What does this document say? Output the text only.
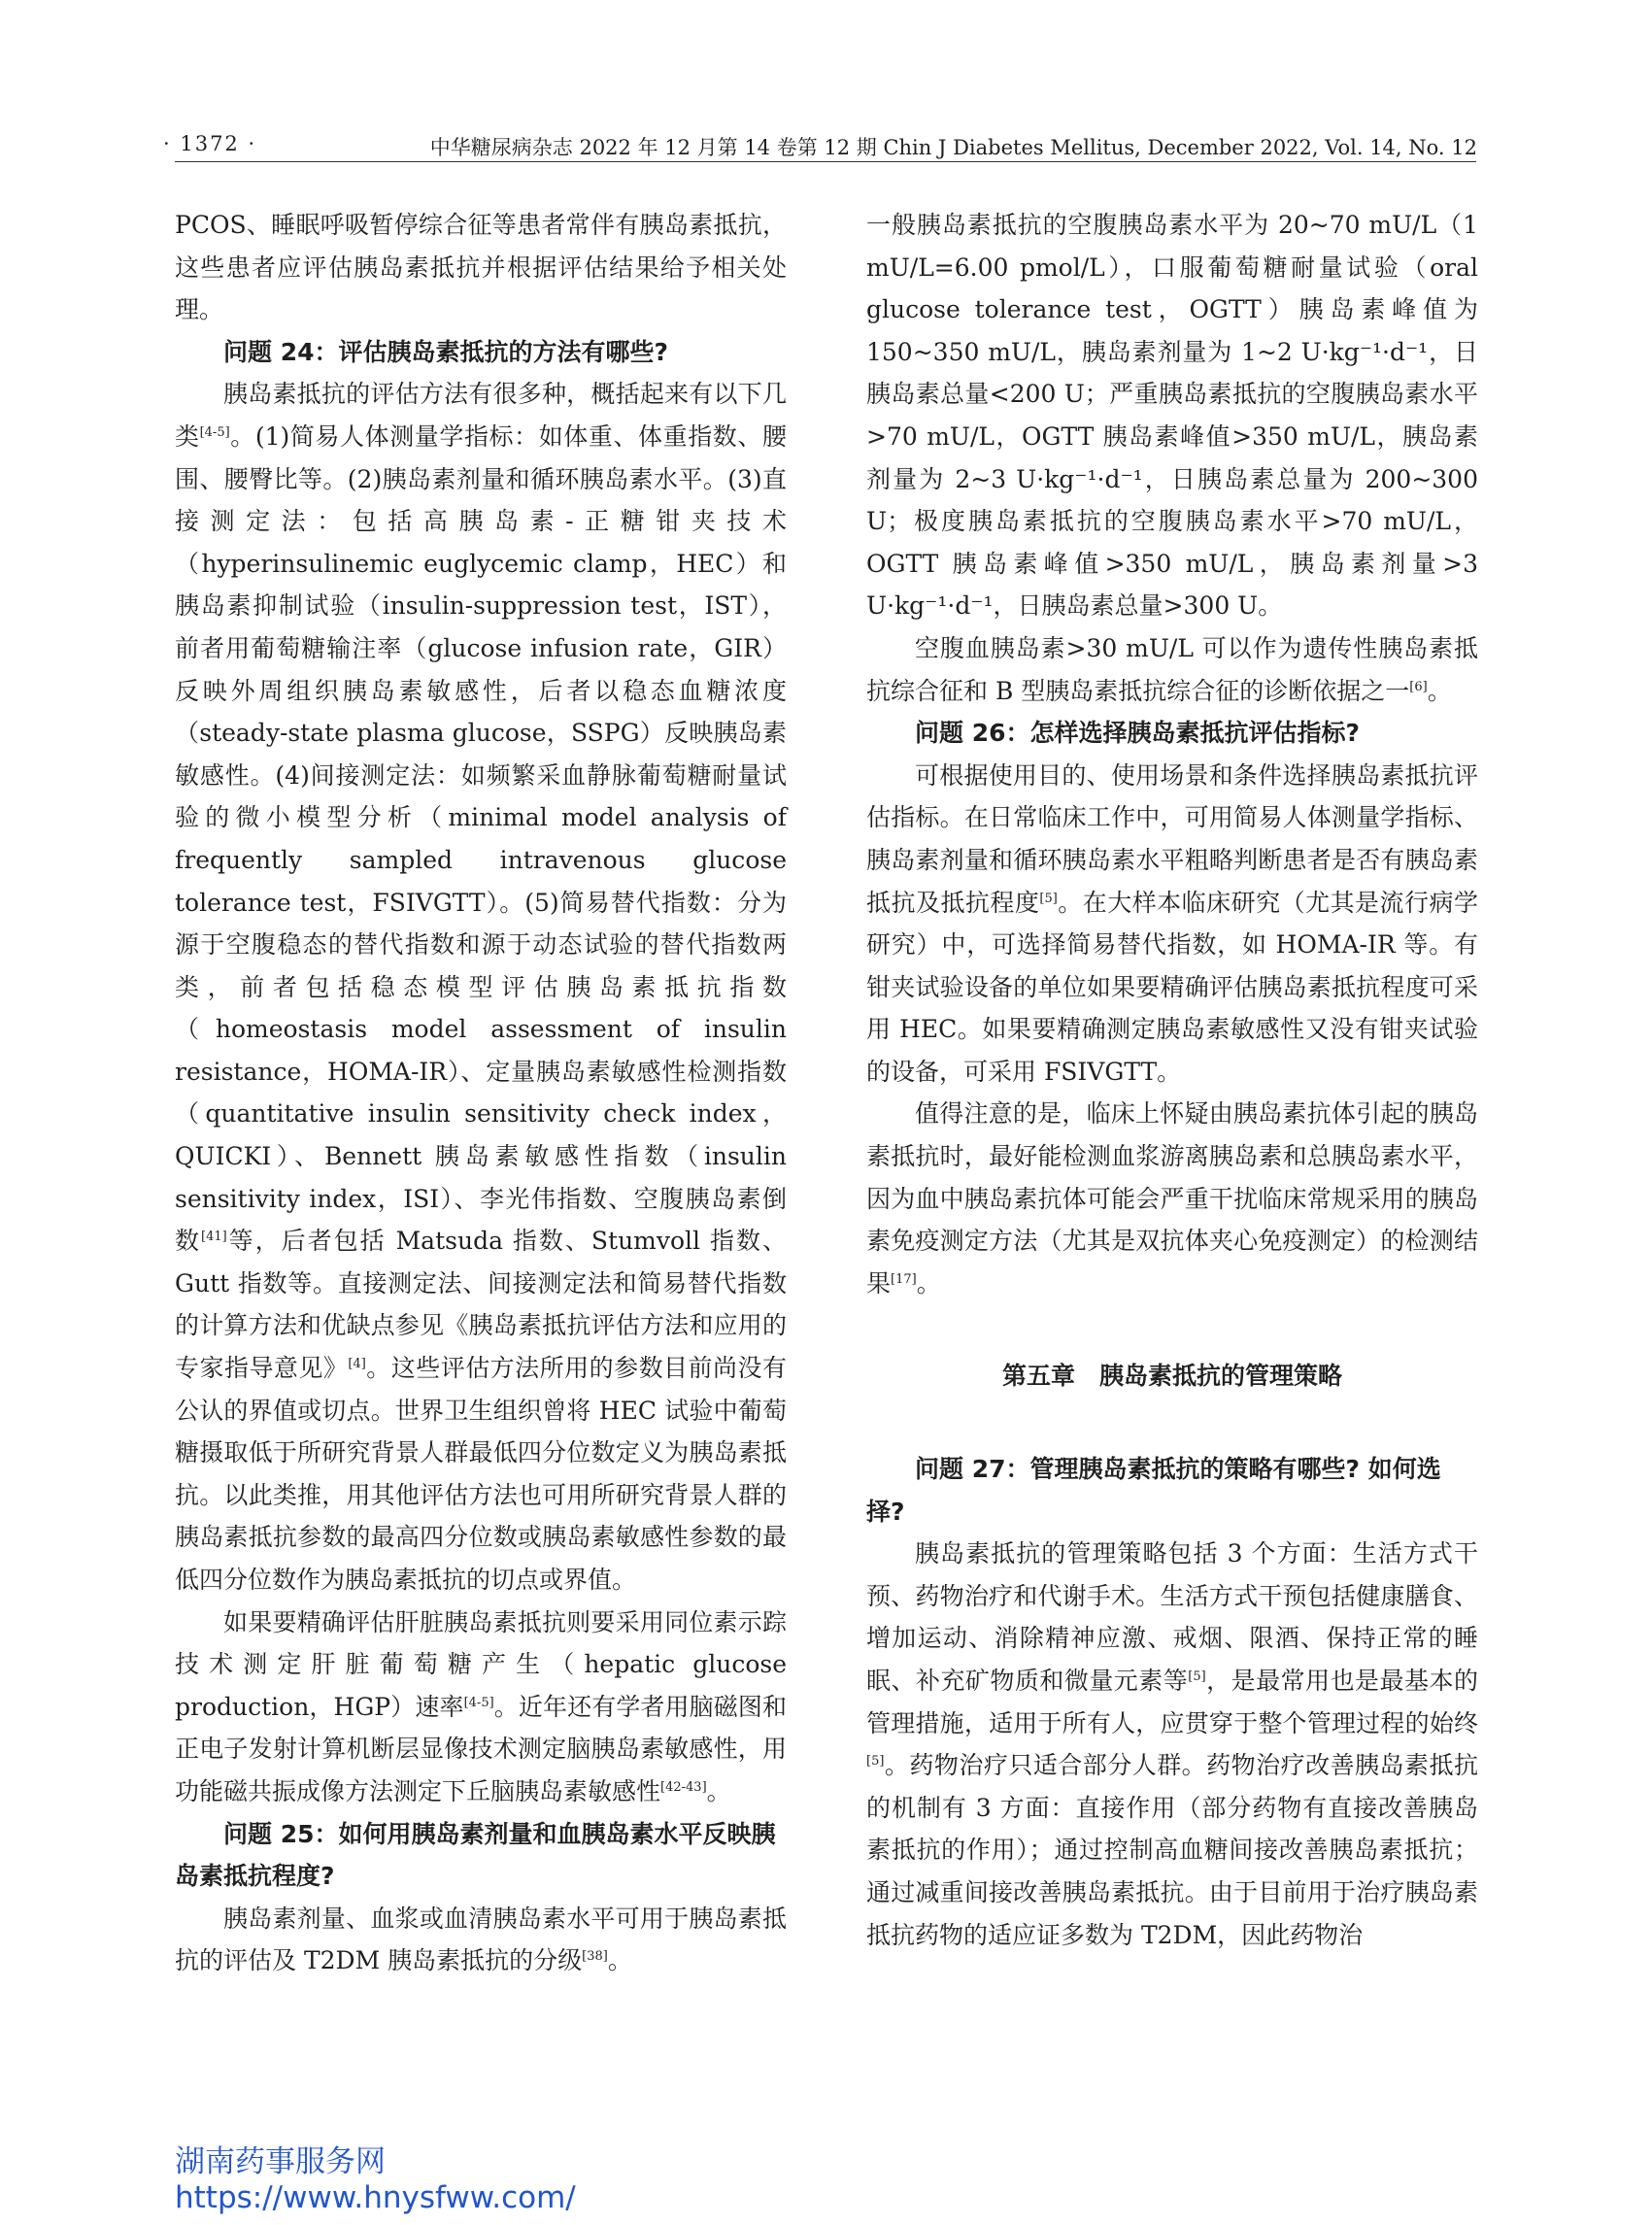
· 1372 ·	中华糖尿病杂志 2022 年 12 月第 14 卷第 12 期 Chin J Diabetes Mellitus, December 2022, Vol. 14, No. 12

PCOS、睡眠呼吸暂停综合征等患者常伴有胰岛素抵抗，这些患者应评估胰岛素抵抗并根据评估结果给予相关处理。

问题 24：评估胰岛素抵抗的方法有哪些?

胰岛素抵抗的评估方法有很多种，概括起来有以下几类[4-5]。(1)简易人体测量学指标：如体重、体重指数、腰围、腰臀比等。(2)胰岛素剂量和循环胰岛素水平。(3)直接测定法：包括高胰岛素-正糖钳夹技术（hyperinsulinemic euglycemic clamp，HEC）和胰岛素抑制试验（insulin-suppression test，IST），前者用葡萄糖输注率（glucose infusion rate，GIR）反映外周组织胰岛素敏感性，后者以稳态血糖浓度（steady-state plasma glucose，SSPG）反映胰岛素敏感性。(4)间接测定法：如频繁采血静脉葡萄糖耐量试验的微小模型分析（minimal model analysis of frequently sampled intravenous glucose tolerance test，FSIVGTT）。(5)简易替代指数：分为源于空腹稳态的替代指数和源于动态试验的替代指数两类，前者包括稳态模型评估胰岛素抵抗指数（homeostasis model assessment of insulin resistance，HOMA-IR）、定量胰岛素敏感性检测指数（quantitative insulin sensitivity check index，QUICKI）、Bennett 胰岛素敏感性指数（insulin sensitivity index，ISI）、李光伟指数、空腹胰岛素倒数[41]等，后者包括 Matsuda 指数、Stumvoll 指数、Gutt 指数等。直接测定法、间接测定法和简易替代指数的计算方法和优缺点参见《胰岛素抵抗评估方法和应用的专家指导意见》[4]。这些评估方法所用的参数目前尚没有公认的界值或切点。世界卫生组织曾将 HEC 试验中葡萄糖摄取低于所研究背景人群最低四分位数定义为胰岛素抵抗。以此类推，用其他评估方法也可用所研究背景人群的胰岛素抵抗参数的最高四分位数或胰岛素敏感性参数的最低四分位数作为胰岛素抵抗的切点或界值。

如果要精确评估肝脏胰岛素抵抗则要采用同位素示踪技术测定肝脏葡萄糖产生（hepatic glucose production，HGP）速率[4-5]。近年还有学者用脑磁图和正电子发射计算机断层显像技术测定脑胰岛素敏感性，用功能磁共振成像方法测定下丘脑胰岛素敏感性[42-43]。

问题 25：如何用胰岛素剂量和血胰岛素水平反映胰岛素抵抗程度?

胰岛素剂量、血浆或血清胰岛素水平可用于胰岛素抵抗的评估及 T2DM 胰岛素抵抗的分级[38]。

一般胰岛素抵抗的空腹胰岛素水平为 20~70 mU/L（1 mU/L=6.00 pmol/L），口服葡萄糖耐量试验（oral glucose tolerance test，OGTT）胰岛素峰值为 150~350 mU/L，胰岛素剂量为 1~2 U·kg⁻¹·d⁻¹，日胰岛素总量<200 U；严重胰岛素抵抗的空腹胰岛素水平>70 mU/L，OGTT 胰岛素峰值>350 mU/L，胰岛素剂量为 2~3 U·kg⁻¹·d⁻¹，日胰岛素总量为 200~300 U；极度胰岛素抵抗的空腹胰岛素水平>70 mU/L，OGTT 胰岛素峰值>350 mU/L，胰岛素剂量>3 U·kg⁻¹·d⁻¹，日胰岛素总量>300 U。

空腹血胰岛素>30 mU/L 可以作为遗传性胰岛素抵抗综合征和 B 型胰岛素抵抗综合征的诊断依据之一[6]。

问题 26：怎样选择胰岛素抵抗评估指标?

可根据使用目的、使用场景和条件选择胰岛素抵抗评估指标。在日常临床工作中，可用简易人体测量学指标、胰岛素剂量和循环胰岛素水平粗略判断患者是否有胰岛素抵抗及抵抗程度[5]。在大样本临床研究（尤其是流行病学研究）中，可选择简易替代指数，如 HOMA-IR 等。有钳夹试验设备的单位如果要精确评估胰岛素抵抗程度可采用 HEC。如果要精确测定胰岛素敏感性又没有钳夹试验的设备，可采用 FSIVGTT。

值得注意的是，临床上怀疑由胰岛素抗体引起的胰岛素抵抗时，最好能检测血浆游离胰岛素和总胰岛素水平，因为血中胰岛素抗体可能会严重干扰临床常规采用的胰岛素免疫测定方法（尤其是双抗体夹心免疫测定）的检测结果[17]。

第五章　胰岛素抵抗的管理策略
问题 27：管理胰岛素抵抗的策略有哪些? 如何选择?

胰岛素抵抗的管理策略包括 3 个方面：生活方式干预、药物治疗和代谢手术。生活方式干预包括健康膳食、增加运动、消除精神应激、戒烟、限酒、保持正常的睡眠、补充矿物质和微量元素等[5]，是最常用也是最基本的管理措施，适用于所有人，应贯穿于整个管理过程的始终[5]。药物治疗只适合部分人群。药物治疗改善胰岛素抵抗的机制有 3 方面：直接作用（部分药物有直接改善胰岛素抵抗的作用）；通过控制高血糖间接改善胰岛素抵抗；通过减重间接改善胰岛素抵抗。由于目前用于治疗胰岛素抵抗药物的适应证多数为 T2DM，因此药物治

湖南药事服务网
https://www.hnysfww.com/
